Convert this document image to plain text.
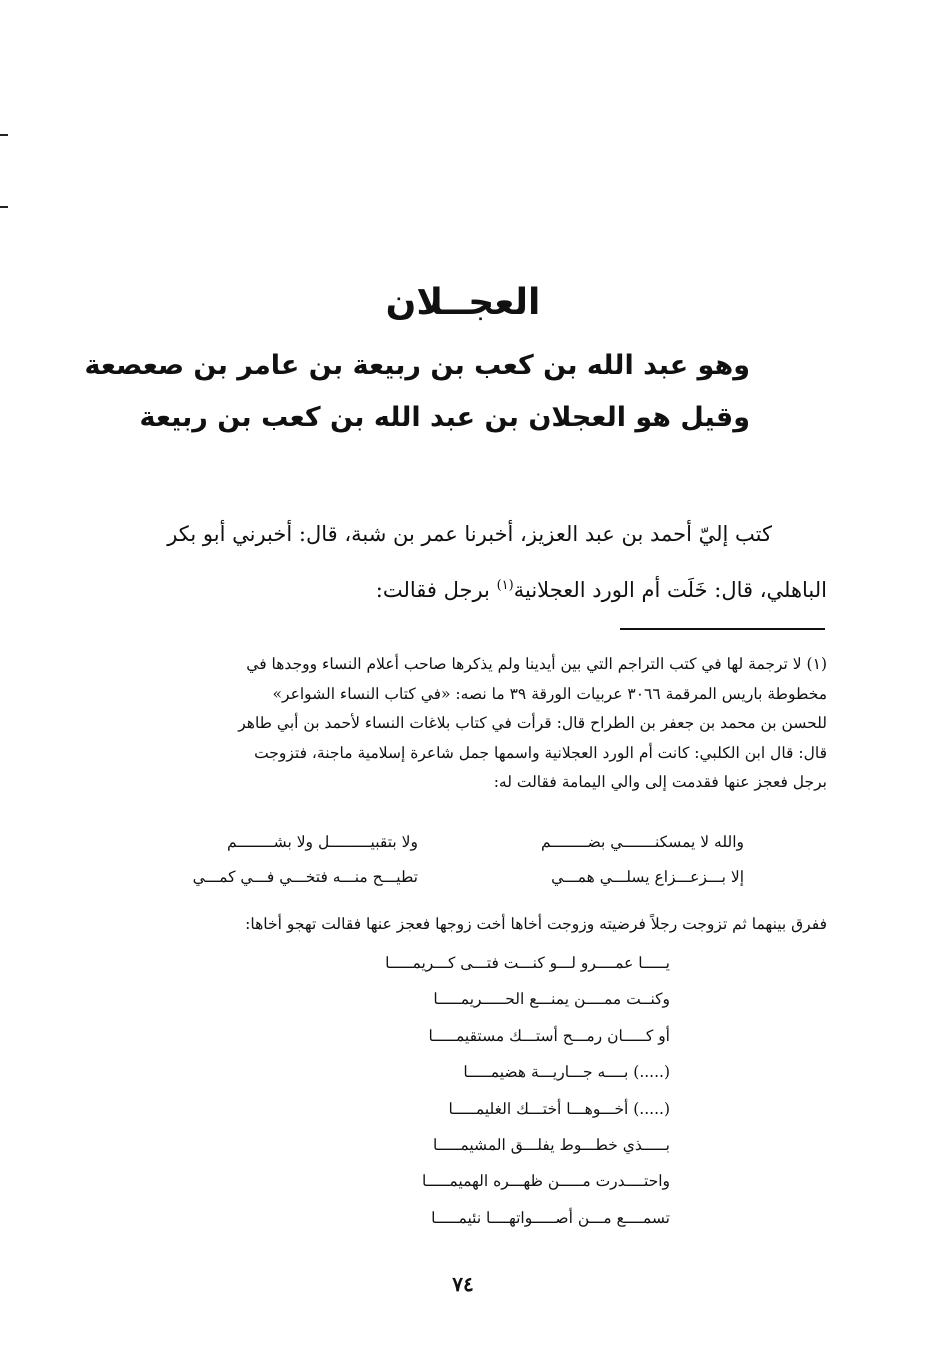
العجــلان
وهو عبد الله بن كعب بن ربيعة بن عامر بن صعصعة
وقيل هو العجلان بن عبد الله بن كعب بن ربيعة
كتب إليّ أحمد بن عبد العزيز، أخبرنا عمر بن شبة، قال: أخبرني أبو بكر
الباهلي، قال: خَلَت أم الورد العجلانية$^{(١)}$ برجل فقالت:
(١) لا ترجمة لها في كتب التراجم التي بين أيدينا ولم يذكرها صاحب أعلام النساء ووجدها في
مخطوطة باريس المرقمة ٣٠٦٦ عربيات الورقة ٣٩ ما نصه: «في كتاب النساء الشواعر»
للحسن بن محمد بن جعفر بن الطراح قال: قرأت في كتاب بلاغات النساء لأحمد بن أبي طاهر
قال: قال ابن الكلبي: كانت أم الورد العجلانية واسمها جمل شاعرة إسلامية ماجنة، فتزوجت
برجل فعجز عنها فقدمت إلى والي اليمامة فقالت له:
والله لا يمسكنـــــــي بضــــــــم
ولا بتقبيـــــــــل ولا بشــــــــم
إلا بـــزعـــزاع يسلـــي همـــي
تطيـــح منـــه فتخـــي فـــي كمـــي
ففرق بينهما ثم تزوجت رجلاً فرضيته وزوجت أخاها أخت زوجها فعجز عنها فقالت تهجو أخاها:
يـــــا عمــــرو لـــو كنـــت فتـــى كـــريمـــــا
وكنــت ممــــن يمنـــع الحـــــريمـــــا
أو كـــــان رمـــح أستـــك مستقيمـــــا
(.....) بــــه جـــاريـــة هضيمـــــا
(.....) أخـــوهـــا أختـــك الغليمـــــا
بـــــذي خطـــوط يفلـــق المشيمـــــا
واحتــــدرت مـــــن ظهـــره الهميمـــــا
تسمــــع مـــن أصـــــواتهــــا نئيمـــــا
٧٤
